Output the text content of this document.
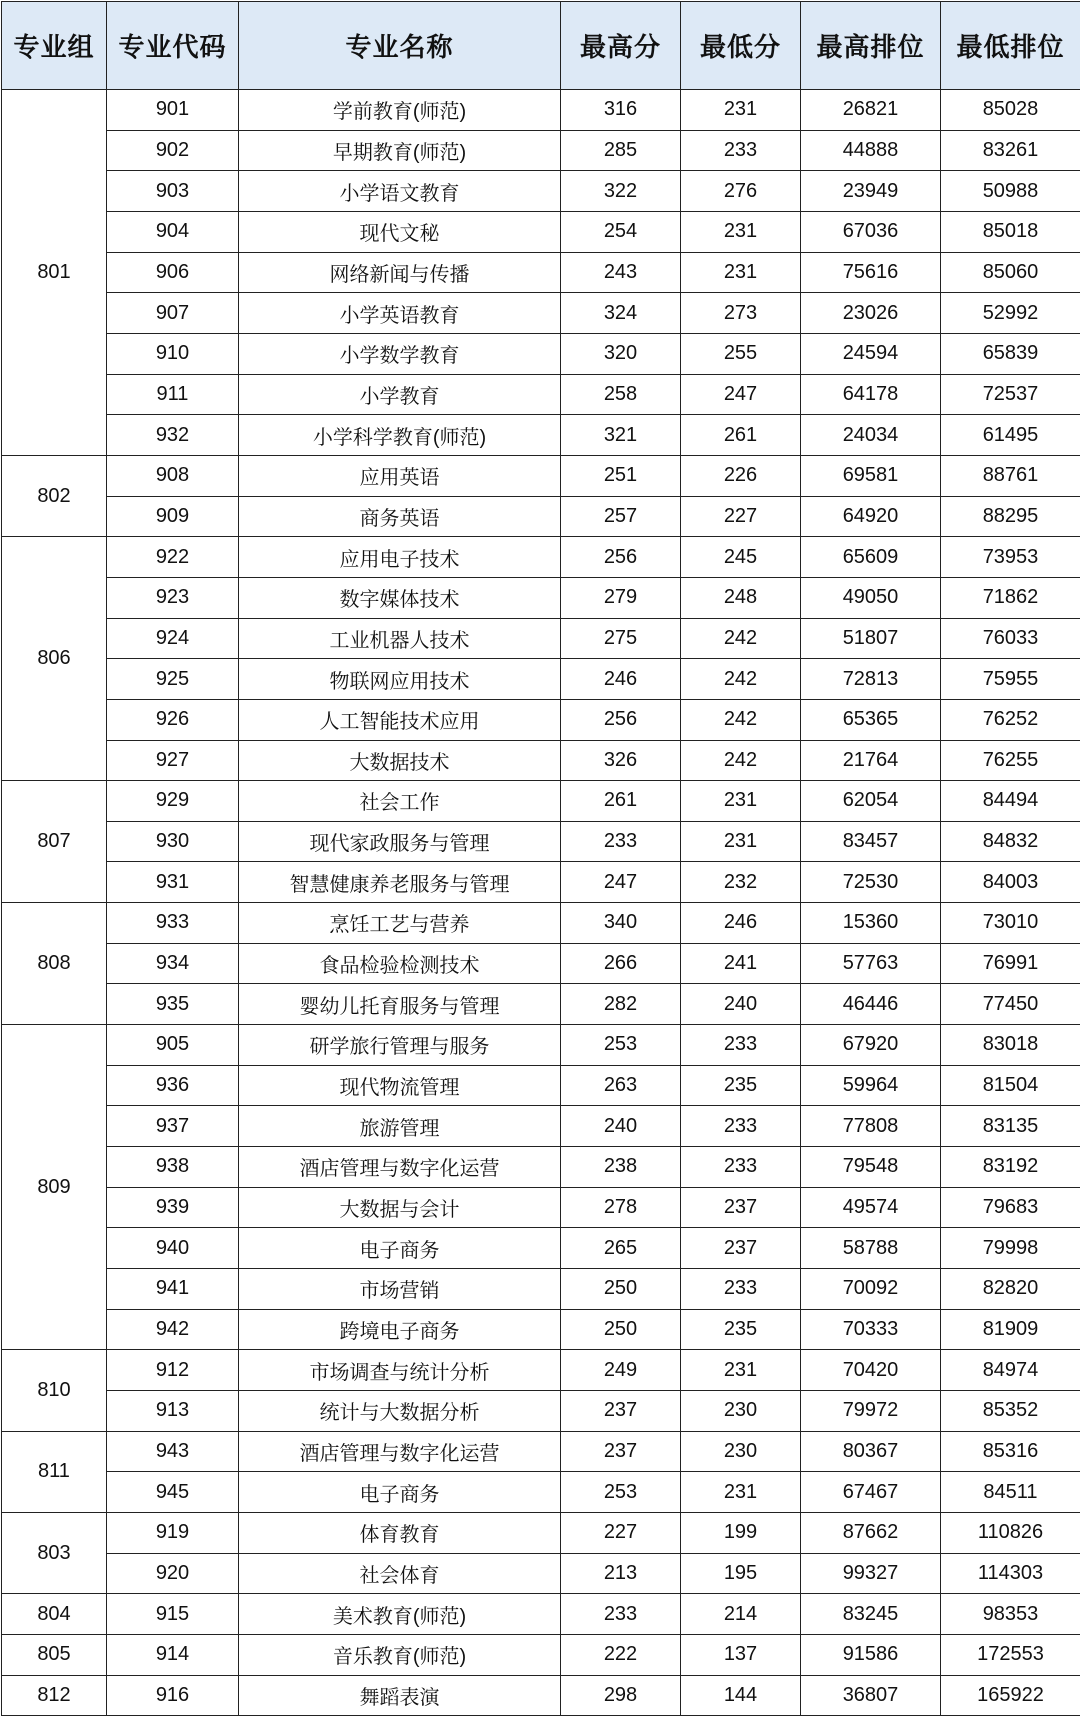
专业组	专业代码	专业名称	最高分	最低分	最高排位	最低排位
801	901	学前教育(师范)	316	231	26821	85028
	902	早期教育(师范)	285	233	44888	83261
	903	小学语文教育	322	276	23949	50988
	904	现代文秘	254	231	67036	85018
	906	网络新闻与传播	243	231	75616	85060
	907	小学英语教育	324	273	23026	52992
	910	小学数学教育	320	255	24594	65839
	911	小学教育	258	247	64178	72537
	932	小学科学教育(师范)	321	261	24034	61495
802	908	应用英语	251	226	69581	88761
	909	商务英语	257	227	64920	88295
806	922	应用电子技术	256	245	65609	73953
	923	数字媒体技术	279	248	49050	71862
	924	工业机器人技术	275	242	51807	76033
	925	物联网应用技术	246	242	72813	75955
	926	人工智能技术应用	256	242	65365	76252
	927	大数据技术	326	242	21764	76255
807	929	社会工作	261	231	62054	84494
	930	现代家政服务与管理	233	231	83457	84832
	931	智慧健康养老服务与管理	247	232	72530	84003
808	933	烹饪工艺与营养	340	246	15360	73010
	934	食品检验检测技术	266	241	57763	76991
	935	婴幼儿托育服务与管理	282	240	46446	77450
809	905	研学旅行管理与服务	253	233	67920	83018
	936	现代物流管理	263	235	59964	81504
	937	旅游管理	240	233	77808	83135
	938	酒店管理与数字化运营	238	233	79548	83192
	939	大数据与会计	278	237	49574	79683
	940	电子商务	265	237	58788	79998
	941	市场营销	250	233	70092	82820
	942	跨境电子商务	250	235	70333	81909
810	912	市场调查与统计分析	249	231	70420	84974
	913	统计与大数据分析	237	230	79972	85352
811	943	酒店管理与数字化运营	237	230	80367	85316
	945	电子商务	253	231	67467	84511
803	919	体育教育	227	199	87662	110826
	920	社会体育	213	195	99327	114303
804	915	美术教育(师范)	233	214	83245	98353
805	914	音乐教育(师范)	222	137	91586	172553
812	916	舞蹈表演	298	144	36807	165922
